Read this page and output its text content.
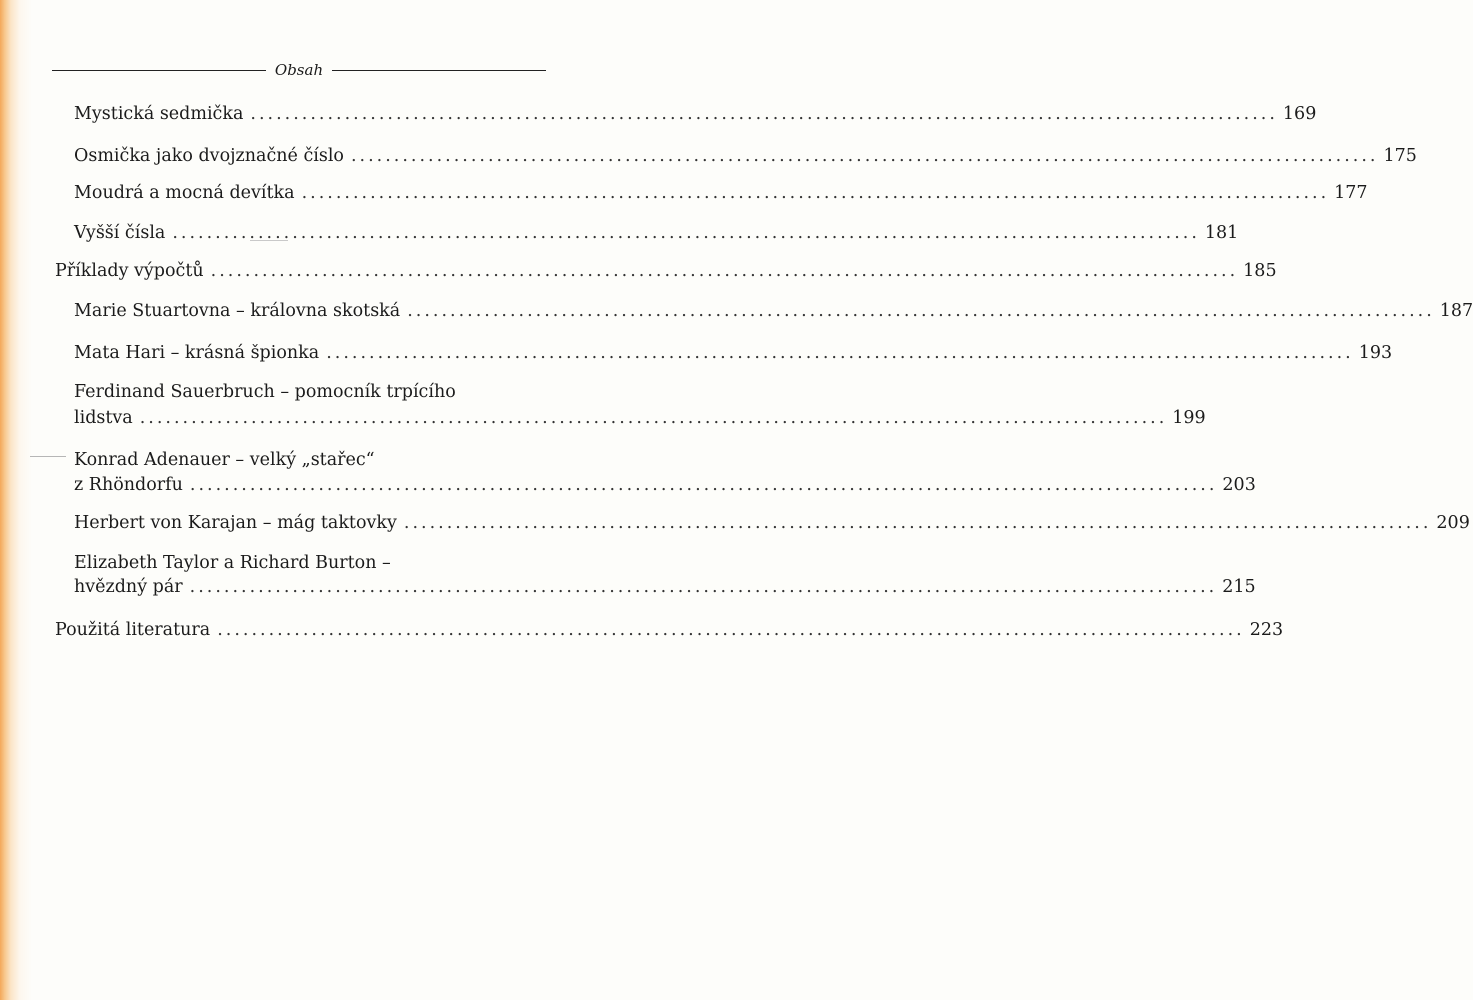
Obsah
Mystická sedmička ........................................................................................................................ 169
Osmička jako dvojznačné číslo ........................................................................................................................ 175
Moudrá a mocná devítka ........................................................................................................................ 177
Vyšší čísla ........................................................................................................................ 181
Příklady výpočtů ........................................................................................................................ 185
Marie Stuartovna – královna skotská ........................................................................................................................ 187
Mata Hari – krásná špionka ........................................................................................................................ 193
Ferdinand Sauerbruch – pomocník trpícího
lidstva ........................................................................................................................ 199
Konrad Adenauer – velký „stařec“
z Rhöndorfu ........................................................................................................................ 203
Herbert von Karajan – mág taktovky ........................................................................................................................ 209
Elizabeth Taylor a Richard Burton –
hvězdný pár ........................................................................................................................ 215
Použitá literatura ........................................................................................................................ 223
